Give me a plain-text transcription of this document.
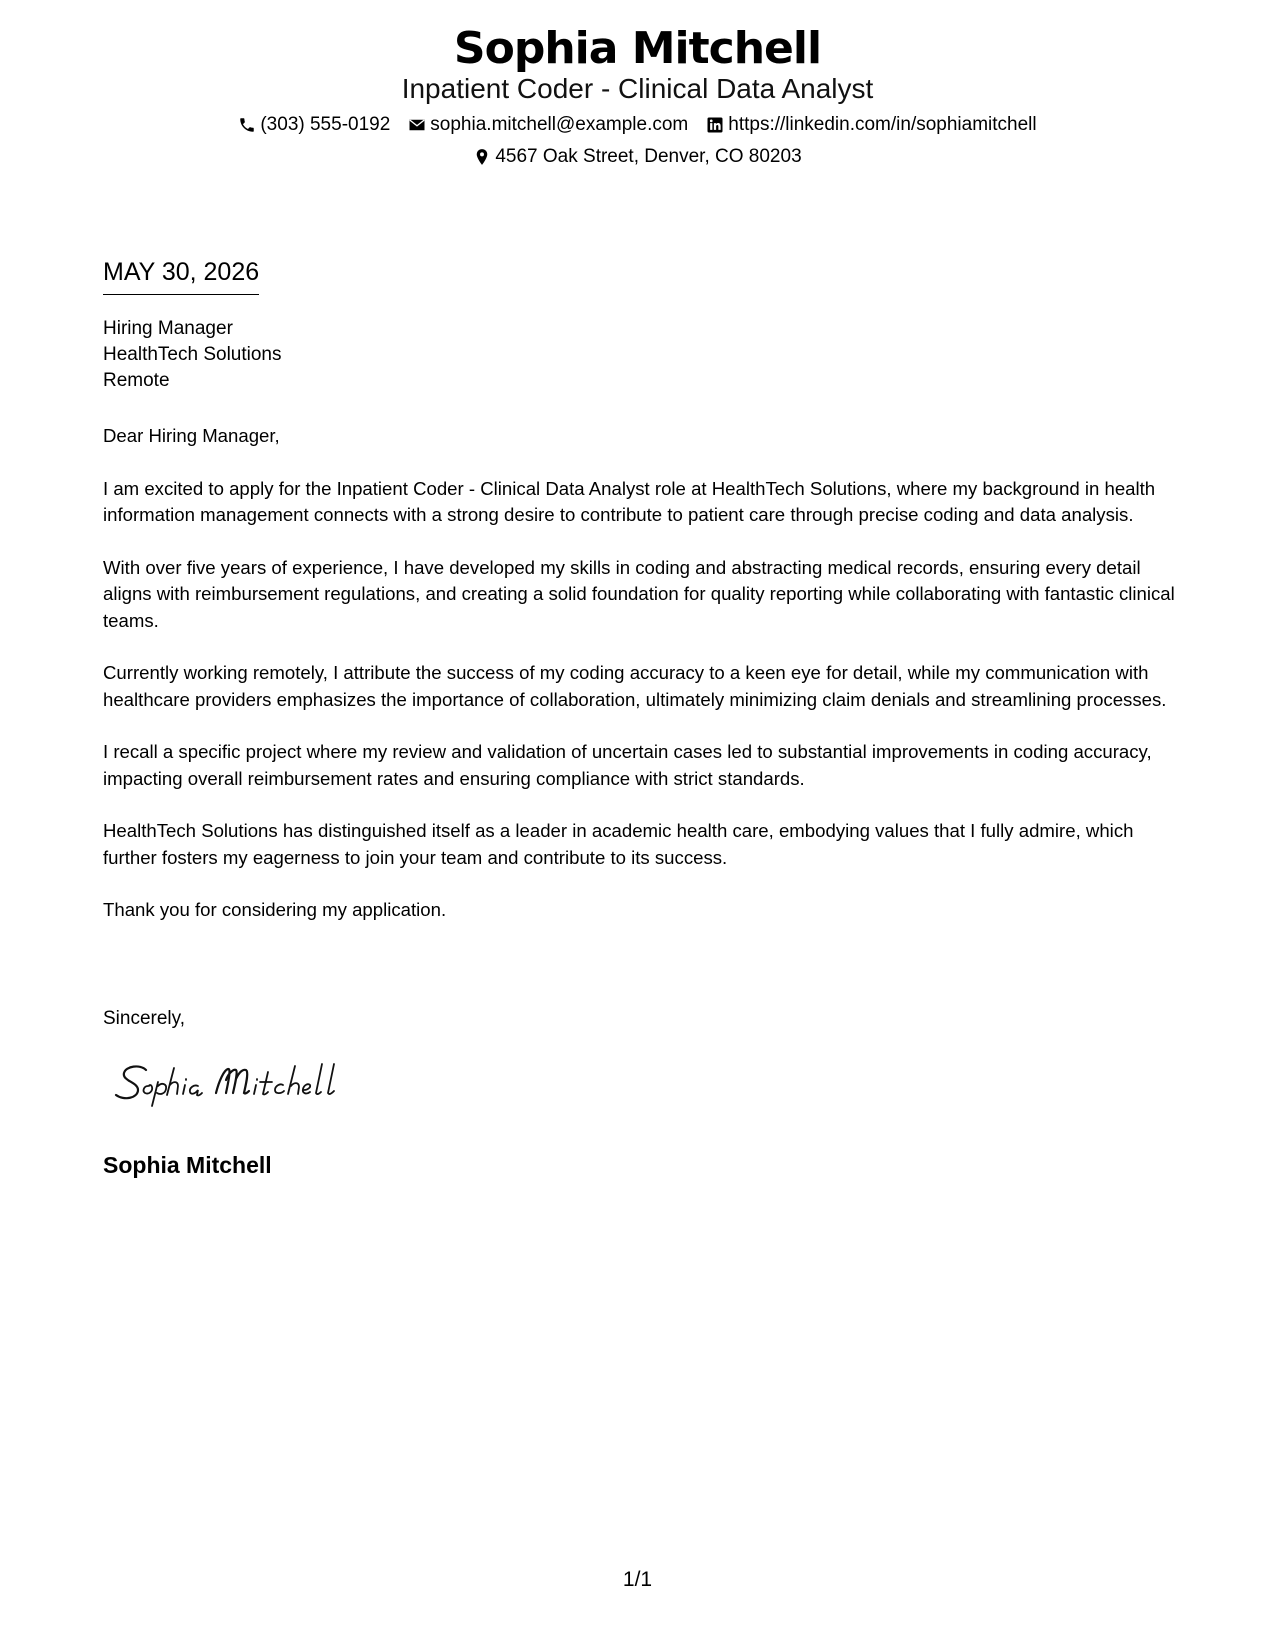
Sophia Mitchell
Inpatient Coder - Clinical Data Analyst
(303) 555-0192 sophia.mitchell@example.com https://linkedin.com/in/sophiamitchell
4567 Oak Street, Denver, CO 80203
MAY 30, 2026
Hiring Manager
HealthTech Solutions
Remote

Dear Hiring Manager,

I am excited to apply for the Inpatient Coder - Clinical Data Analyst role at HealthTech Solutions, where my background in health information management connects with a strong desire to contribute to patient care through precise coding and data analysis.

With over five years of experience, I have developed my skills in coding and abstracting medical records, ensuring every detail aligns with reimbursement regulations, and creating a solid foundation for quality reporting while collaborating with fantastic clinical teams.

Currently working remotely, I attribute the success of my coding accuracy to a keen eye for detail, while my communication with healthcare providers emphasizes the importance of collaboration, ultimately minimizing claim denials and streamlining processes.

I recall a specific project where my review and validation of uncertain cases led to substantial improvements in coding accuracy, impacting overall reimbursement rates and ensuring compliance with strict standards.

HealthTech Solutions has distinguished itself as a leader in academic health care, embodying values that I fully admire, which further fosters my eagerness to join your team and contribute to its success.

Thank you for considering my application.

Sincerely,
Sophia Mitchell
1/1
